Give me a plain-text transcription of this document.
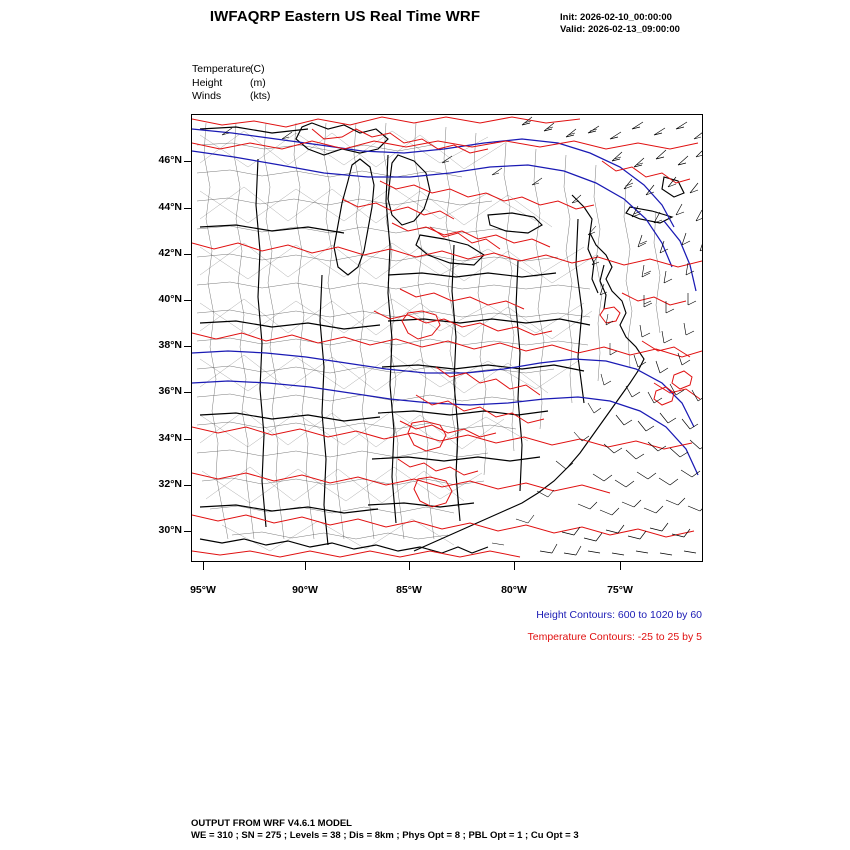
IWFAQRP Eastern US Real Time WRF	Init: 2026-02-10_00:00:00
Valid: 2026-02-13_09:00:00
Temperature (C)
Height	(m)
Winds	(kts)
46°N
44°N
42°N
40°N
38°N
36°N
34°N
32°N
30°N
95°W	90°W	85°W	80°W	75°W
Height Contours: 600 to 1020 by 60
Temperature Contours: -25 to 25 by 5
OUTPUT FROM WRF V4.6.1 MODEL
WE = 310 ; SN = 275 ; Levels = 38 ; Dis = 8km ; Phys Opt = 8 ; PBL Opt = 1 ; Cu Opt = 3
